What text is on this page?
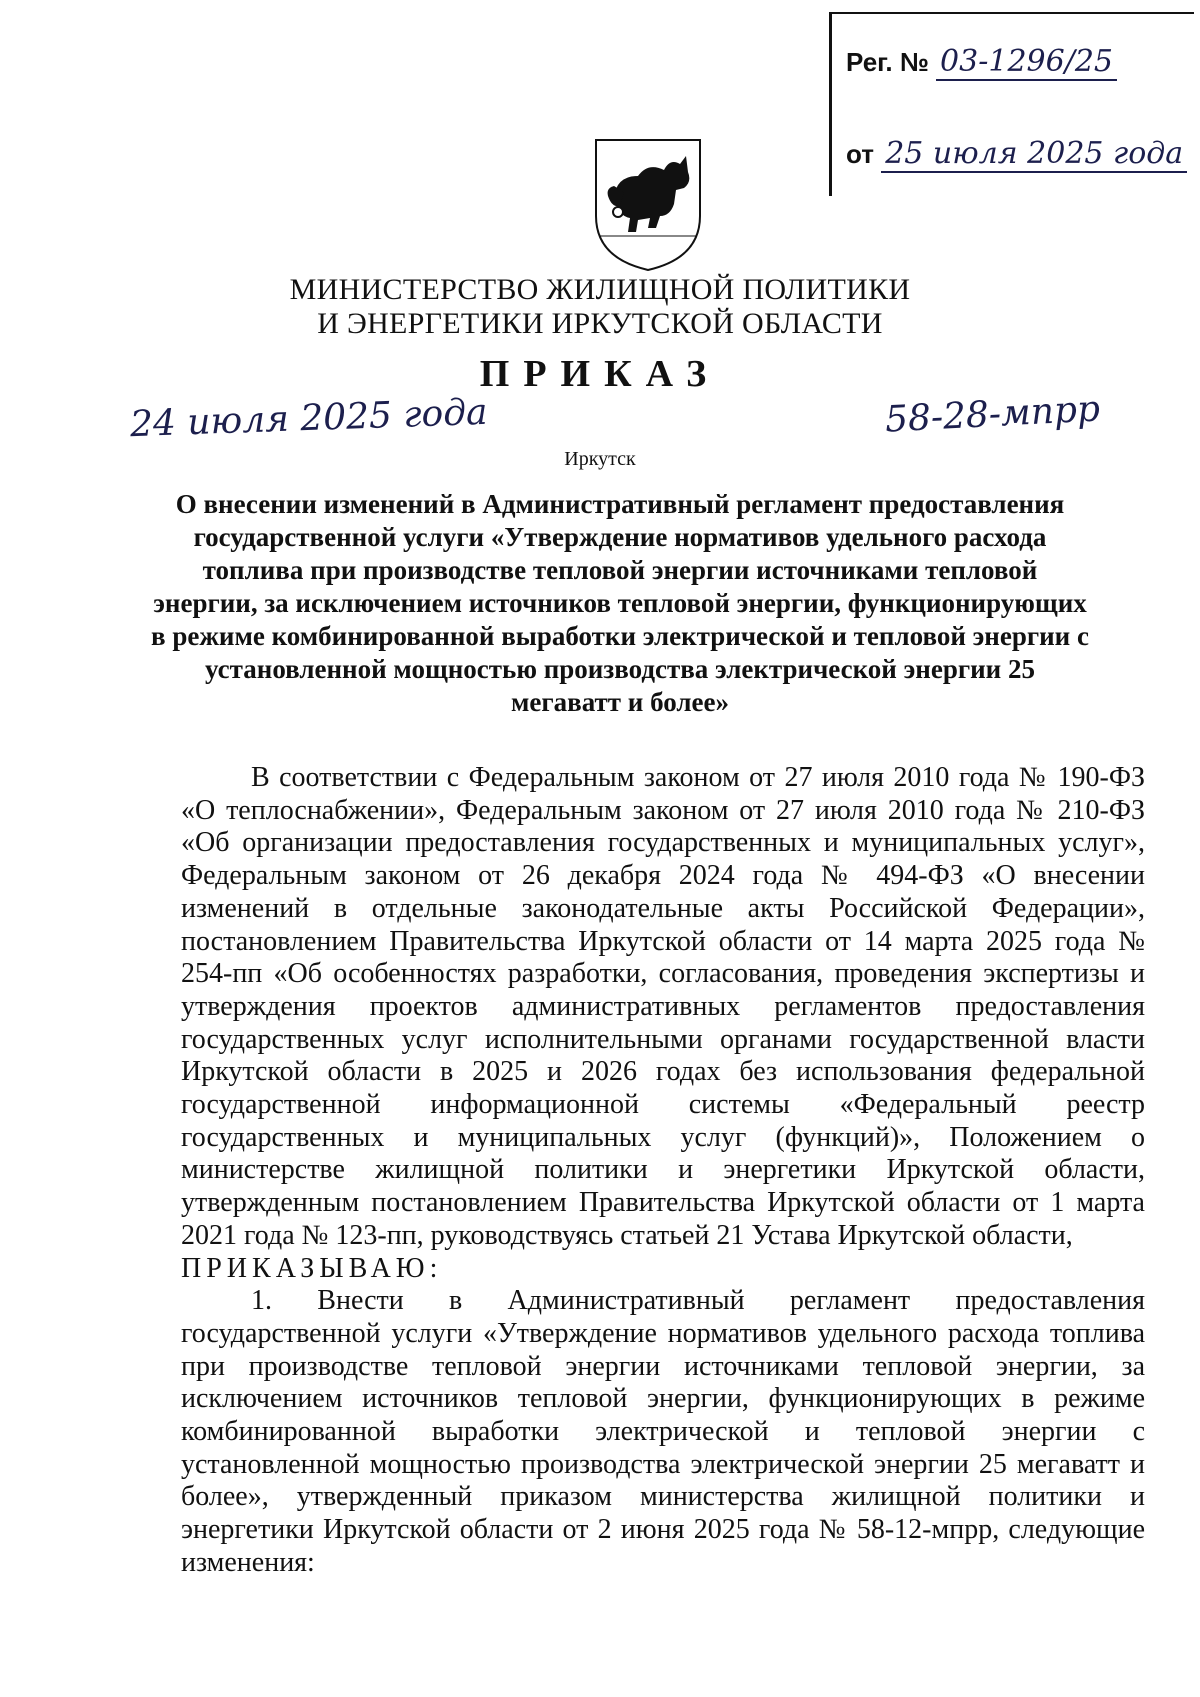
Рег. № 03-1296/25
от 25 июля 2025 года
МИНИСТЕРСТВО ЖИЛИЩНОЙ ПОЛИТИКИ
И ЭНЕРГЕТИКИ ИРКУТСКОЙ ОБЛАСТИ
ПРИКАЗ
24 июля 2025 года	58-28-мпрр
Иркутск
О внесении изменений в Административный регламент предоставления государственной услуги «Утверждение нормативов удельного расхода топлива при производстве тепловой энергии источниками тепловой энергии, за исключением источников тепловой энергии, функционирующих в режиме комбинированной выработки электрической и тепловой энергии с установленной мощностью производства электрической энергии 25 мегаватт и более»

В соответствии с Федеральным законом от 27 июля 2010 года № 190-ФЗ «О теплоснабжении», Федеральным законом от 27 июля 2010 года № 210-ФЗ «Об организации предоставления государственных и муниципальных услуг», Федеральным законом от 26 декабря 2024 года № 494-ФЗ «О внесении изменений в отдельные законодательные акты Российской Федерации», постановлением Правительства Иркутской области от 14 марта 2025 года № 254-пп «Об особенностях разработки, согласования, проведения экспертизы и утверждения проектов административных регламентов предоставления государственных услуг исполнительными органами государственной власти Иркутской области в 2025 и 2026 годах без использования федеральной государственной информационной системы «Федеральный реестр государственных и муниципальных услуг (функций)», Положением о министерстве жилищной политики и энергетики Иркутской области, утвержденным постановлением Правительства Иркутской области от 1 марта 2021 года № 123-пп, руководствуясь статьей 21 Устава Иркутской области,

ПРИКАЗЫВАЮ:

1. Внести в Административный регламент предоставления государственной услуги «Утверждение нормативов удельного расхода топлива при производстве тепловой энергии источниками тепловой энергии, за исключением источников тепловой энергии, функционирующих в режиме комбинированной выработки электрической и тепловой энергии с установленной мощностью производства электрической энергии 25 мегаватт и более», утвержденный приказом министерства жилищной политики и энергетики Иркутской области от 2 июня 2025 года № 58-12-мпрр, следующие изменения:
